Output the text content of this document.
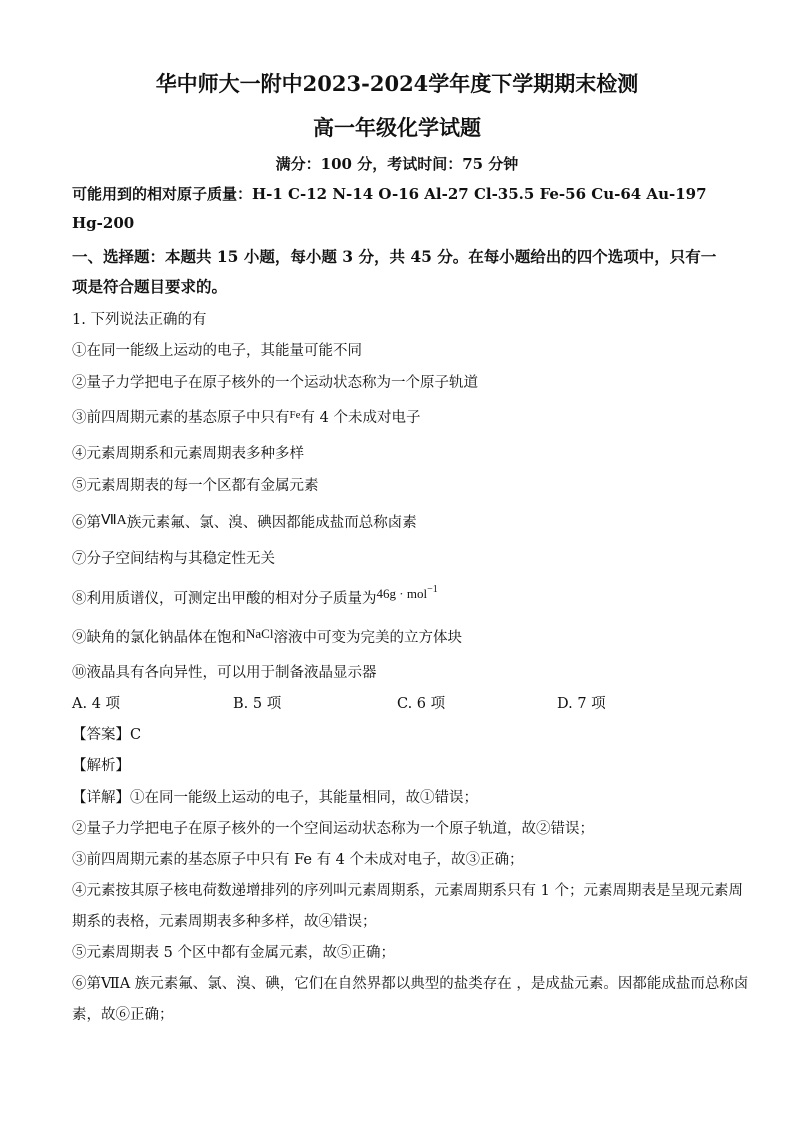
华中师大一附中2023-2024学年度下学期期末检测
高一年级化学试题
满分：100 分，考试时间：75 分钟
可能用到的相对原子质量：H-1 C-12 N-14 O-16 Al-27 Cl-35.5 Fe-56 Cu-64 Au-197
Hg-200
一、选择题：本题共 15 小题，每小题 3 分，共 45 分。在每小题给出的四个选项中，只有一
项是符合题目要求的。
1. 下列说法正确的有
①在同一能级上运动的电子，其能量可能不同
②量子力学把电子在原子核外的一个运动状态称为一个原子轨道
③前四周期元素的基态原子中只有$^{Fe}$有 4 个未成对电子
④元素周期系和元素周期表多种多样
⑤元素周期表的每一个区都有金属元素
⑥第ⅦA族元素氟、氯、溴、碘因都能成盐而总称卤素
⑦分子空间结构与其稳定性无关
⑧利用质谱仪，可测定出甲酸的相对分子质量为46g · mol$^{-1}$
⑨缺角的氯化钠晶体在饱和NaCl溶液中可变为完美的立方体块
⑩液晶具有各向异性，可以用于制备液晶显示器
A. 4 项	B. 5 项	C. 6 项	D. 7 项
【答案】C
【解析】
【详解】①在同一能级上运动的电子，其能量相同，故①错误；
②量子力学把电子在原子核外的一个空间运动状态称为一个原子轨道，故②错误；
③前四周期元素的基态原子中只有 Fe 有 4 个未成对电子，故③正确；
④元素按其原子核电荷数递增排列的序列叫元素周期系，元素周期系只有 1 个；元素周期表是呈现元素周
期系的表格，元素周期表多种多样，故④错误；
⑤元素周期表 5 个区中都有金属元素，故⑤正确；
⑥第ⅦA 族元素氟、氯、溴、碘，它们在自然界都以典型的盐类存在 ，是成盐元素。因都能成盐而总称卤
素，故⑥正确；
